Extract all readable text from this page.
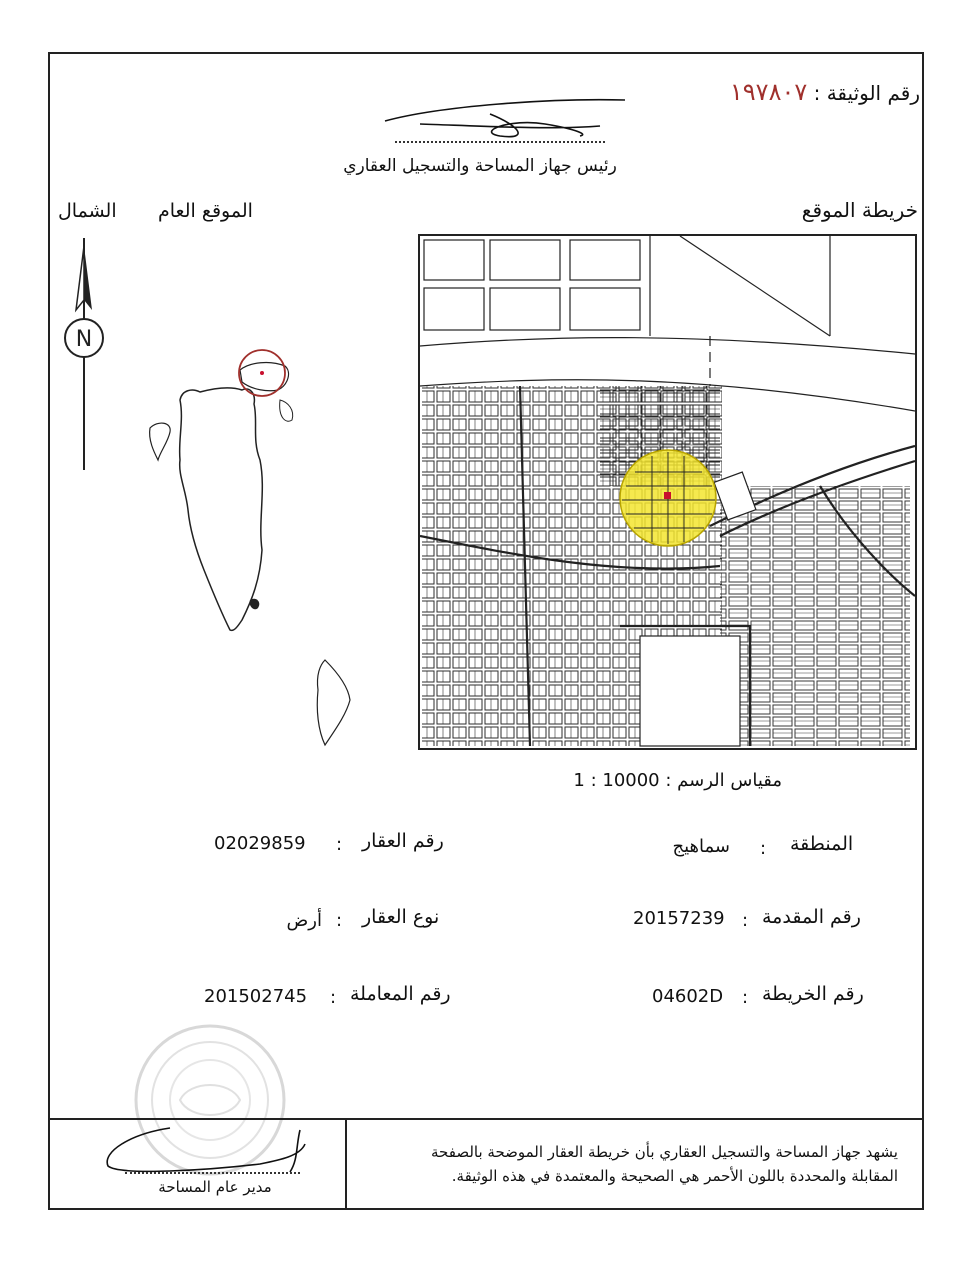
رقم الوثيقة : ١٩٧٨٠٧
رئيس جهاز المساحة والتسجيل العقاري
الشمال الموقع العام	خريطة الموقع
N
مقياس الرسم : 1 : 10000
المنطقة
:
سماهيج
رقم المقدمة
:
20157239
رقم الخريطة
:
04602D
رقم العقار
:
02029859
نوع العقار
:
أرض
رقم المعاملة
:
201502745
يشهد جهاز المساحة والتسجيل العقاري بأن خريطة العقار الموضحة بالصفحة
المقابلة والمحددة باللون الأحمر هي الصحيحة والمعتمدة في هذه الوثيقة.
مدير عام المساحة
